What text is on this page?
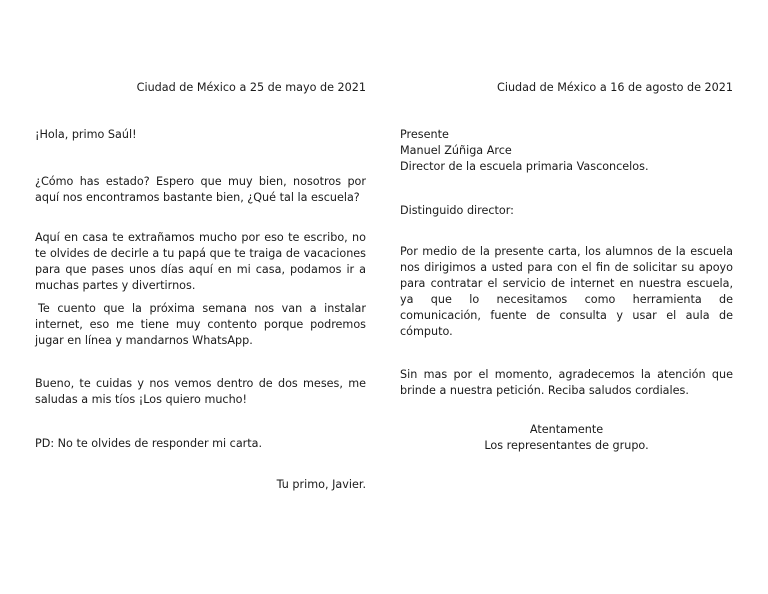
Ciudad de México a 25 de mayo de 2021

¡Hola, primo Saúl!

¿Cómo has estado? Espero que muy bien, nosotros por aquí nos encontramos bastante bien, ¿Qué tal la escuela?

Aquí en casa te extrañamos mucho por eso te escribo, no te olvides de decirle a tu papá que te traiga de vacaciones para que pases unos días aquí en mi casa, podamos ir a muchas partes y divertirnos.

Te cuento que la próxima semana nos van a instalar internet, eso me tiene muy contento porque podremos jugar en línea y mandarnos WhatsApp.

Bueno, te cuidas y nos vemos dentro de dos meses, me saludas a mis tíos ¡Los quiero mucho!

PD: No te olvides de responder mi carta.

Tu primo, Javier.

Ciudad de México a 16 de agosto de 2021

Presente

Manuel Zúñiga Arce

Director de la escuela primaria Vasconcelos.

Distinguido director:

Por medio de la presente carta, los alumnos de la escuela nos dirigimos a usted para con el fin de solicitar su apoyo para contratar el servicio de internet en nuestra escuela, ya que lo necesitamos como herramienta de comunicación, fuente de consulta y usar el aula de cómputo.

Sin mas por el momento, agradecemos la atención que brinde a nuestra petición. Reciba saludos cordiales.

Atentamente

Los representantes de grupo.
